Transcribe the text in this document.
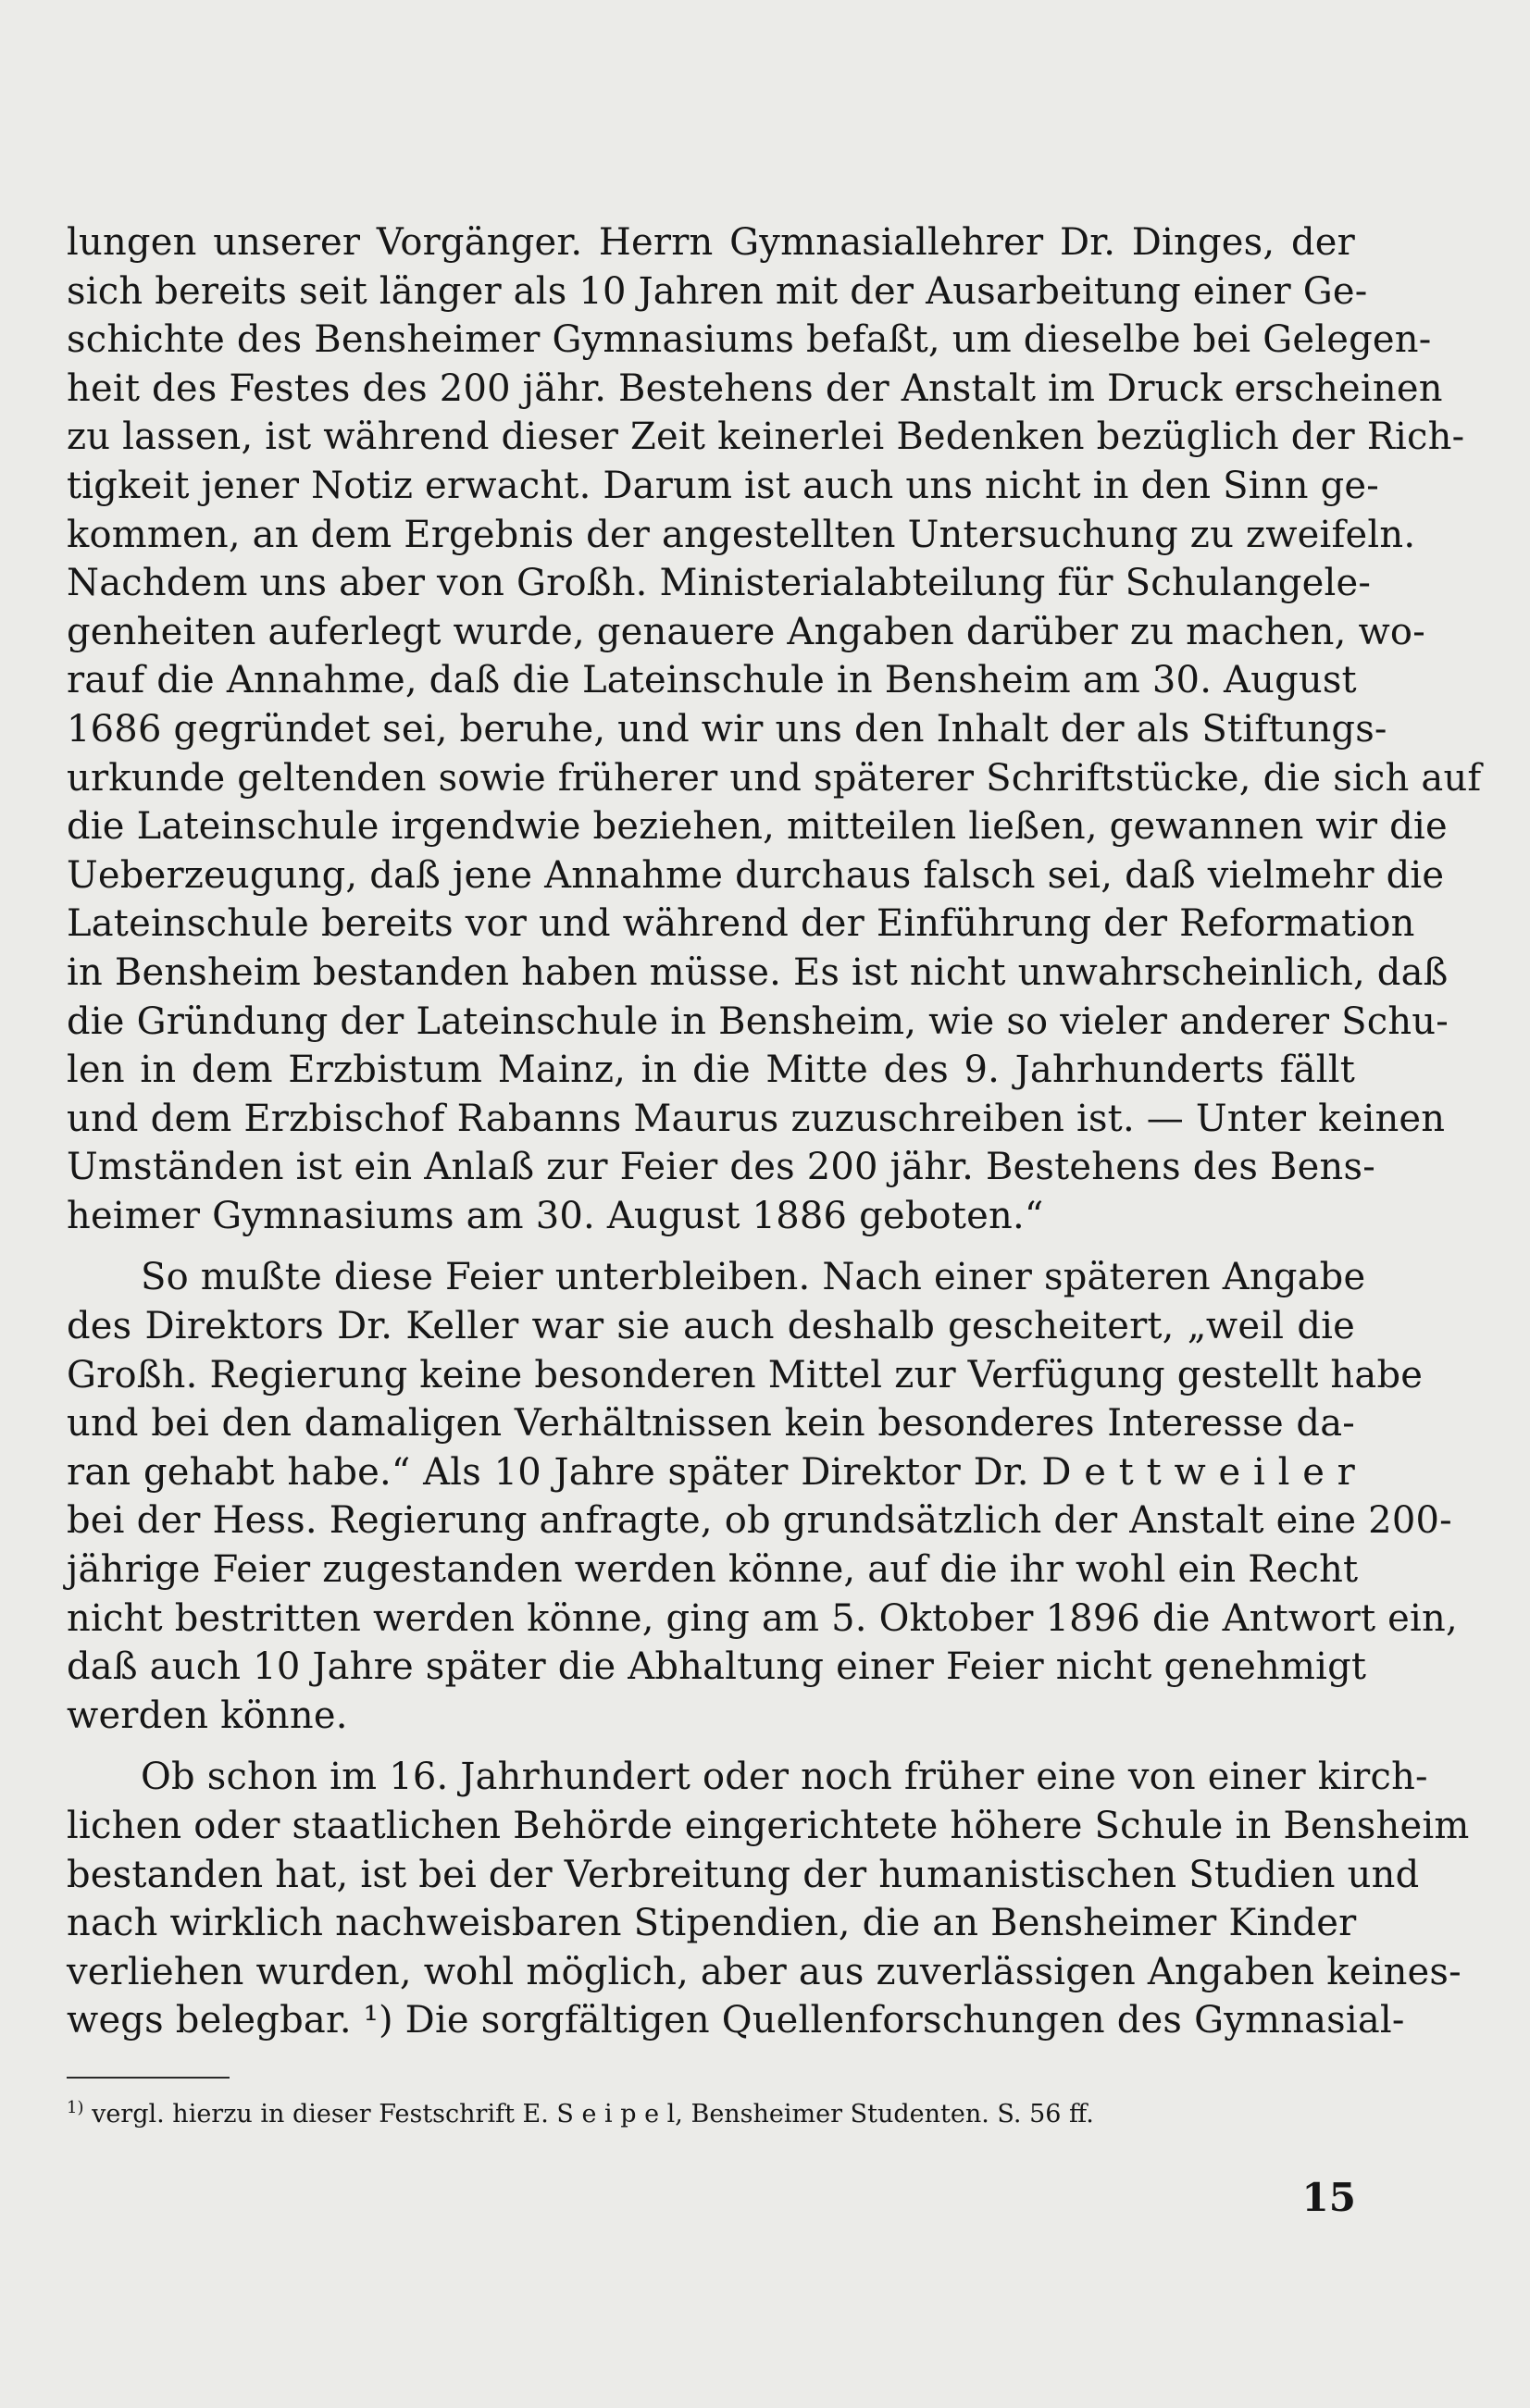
lungen unserer Vorgänger. Herrn Gymnasiallehrer Dr. Dinges, der
sich bereits seit länger als 10 Jahren mit der Ausarbeitung einer Ge-
schichte des Bensheimer Gymnasiums befaßt, um dieselbe bei Gelegen-
heit des Festes des 200 jähr. Bestehens der Anstalt im Druck erscheinen
zu lassen, ist während dieser Zeit keinerlei Bedenken bezüglich der Rich-
tigkeit jener Notiz erwacht. Darum ist auch uns nicht in den Sinn ge-
kommen, an dem Ergebnis der angestellten Untersuchung zu zweifeln.
Nachdem uns aber von Großh. Ministerialabteilung für Schulangele-
genheiten auferlegt wurde, genauere Angaben darüber zu machen, wo-
rauf die Annahme, daß die Lateinschule in Bensheim am 30. August
1686 gegründet sei, beruhe, und wir uns den Inhalt der als Stiftungs-
urkunde geltenden sowie früherer und späterer Schriftstücke, die sich auf
die Lateinschule irgendwie beziehen, mitteilen ließen, gewannen wir die
Ueberzeugung, daß jene Annahme durchaus falsch sei, daß vielmehr die
Lateinschule bereits vor und während der Einführung der Reformation
in Bensheim bestanden haben müsse. Es ist nicht unwahrscheinlich, daß
die Gründung der Lateinschule in Bensheim, wie so vieler anderer Schu-
len in dem Erzbistum Mainz, in die Mitte des 9. Jahrhunderts fällt
und dem Erzbischof Rabanns Maurus zuzuschreiben ist. — Unter keinen
Umständen ist ein Anlaß zur Feier des 200 jähr. Bestehens des Bens-
heimer Gymnasiums am 30. August 1886 geboten.“
So mußte diese Feier unterbleiben. Nach einer späteren Angabe
des Direktors Dr. Keller war sie auch deshalb gescheitert, „weil die
Großh. Regierung keine besonderen Mittel zur Verfügung gestellt habe
und bei den damaligen Verhältnissen kein besonderes Interesse da-
ran gehabt habe.“ Als 10 Jahre später Direktor Dr. D e t t w e i l e r
bei der Hess. Regierung anfragte, ob grundsätzlich der Anstalt eine 200-
jährige Feier zugestanden werden könne, auf die ihr wohl ein Recht
nicht bestritten werden könne, ging am 5. Oktober 1896 die Antwort ein,
daß auch 10 Jahre später die Abhaltung einer Feier nicht genehmigt
werden könne.
Ob schon im 16. Jahrhundert oder noch früher eine von einer kirch-
lichen oder staatlichen Behörde eingerichtete höhere Schule in Bensheim
bestanden hat, ist bei der Verbreitung der humanistischen Studien und
nach wirklich nachweisbaren Stipendien, die an Bensheimer Kinder
verliehen wurden, wohl möglich, aber aus zuverlässigen Angaben keines-
wegs belegbar. ¹) Die sorgfältigen Quellenforschungen des Gymnasial-
$^{1)}$ vergl. hierzu in dieser Festschrift E. S e i p e l, Bensheimer Studenten. S. 56 ff.
15
